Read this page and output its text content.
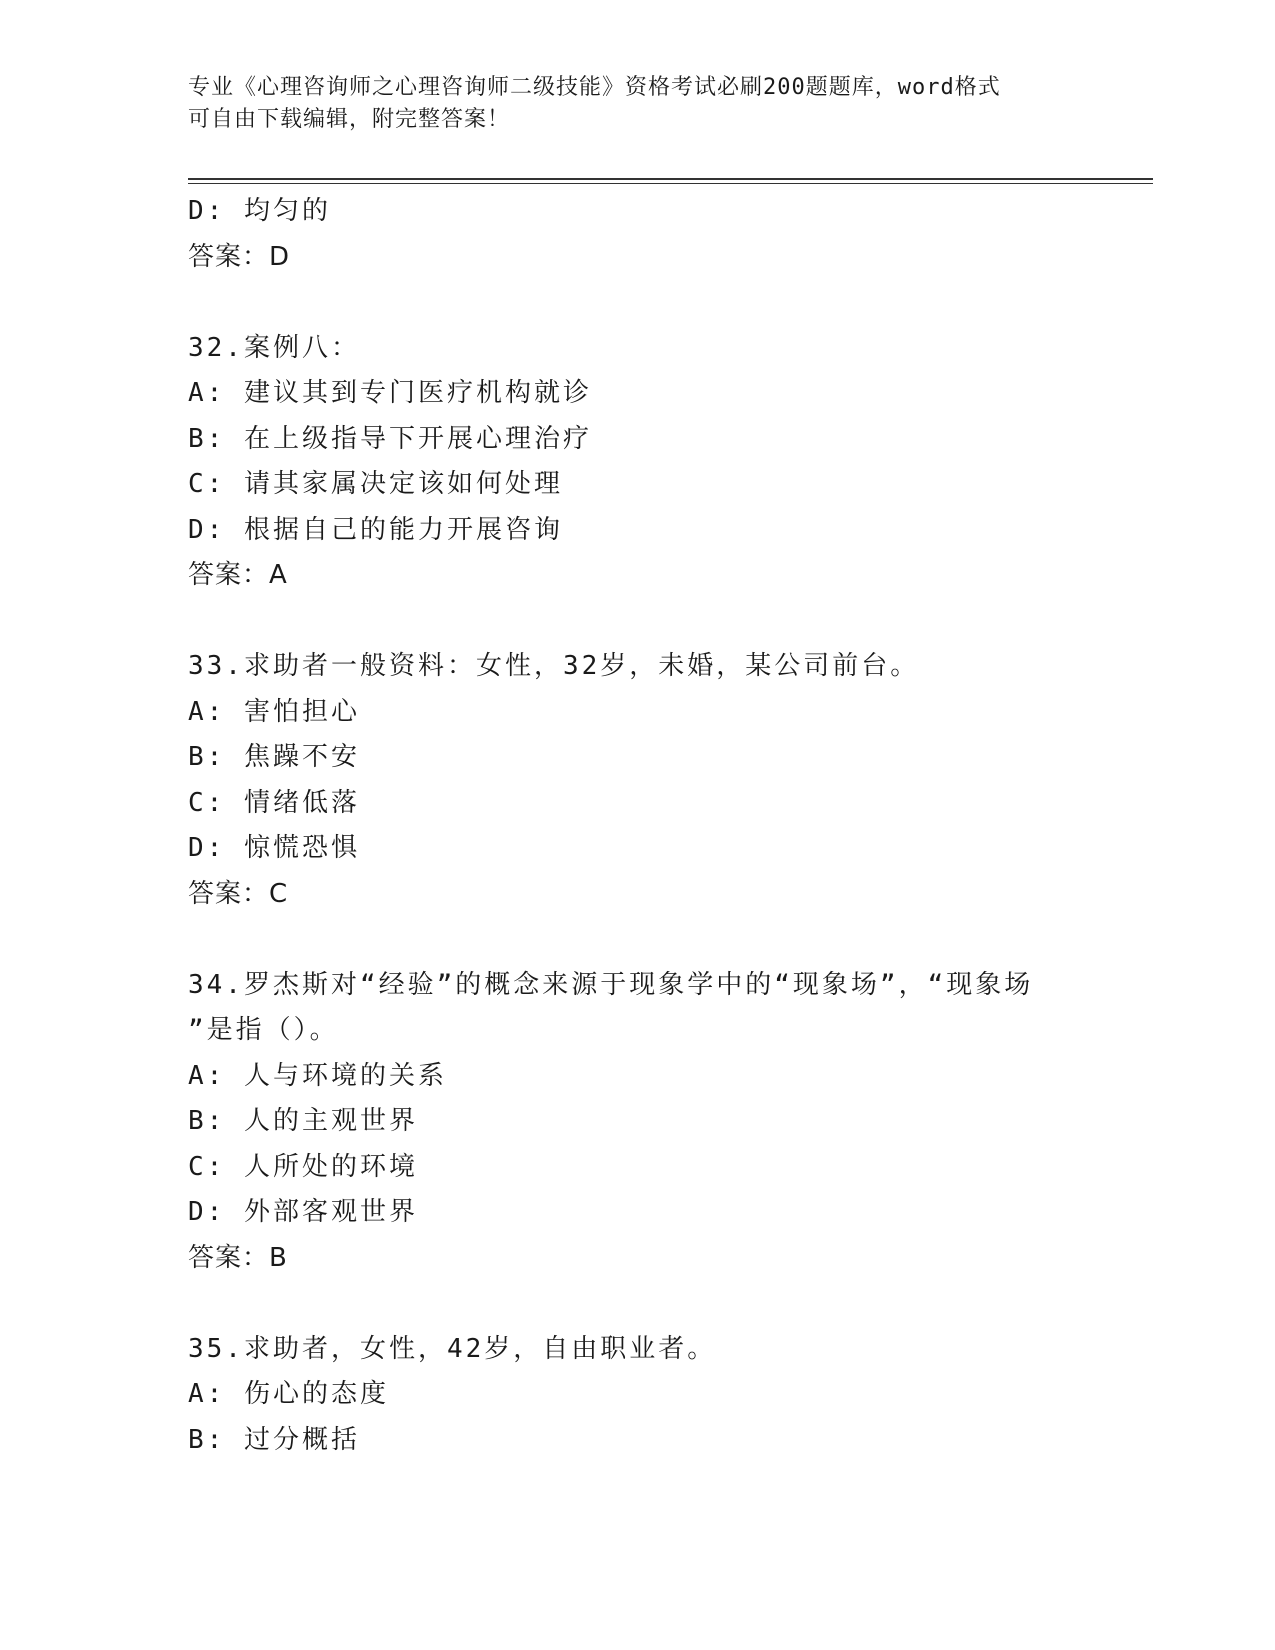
专业《心理咨询师之心理咨询师二级技能》资格考试必刷200题题库，word格式
可自由下载编辑，附完整答案！
D: 均匀的
答案：D
32.案例八：
A: 建议其到专门医疗机构就诊
B: 在上级指导下开展心理治疗
C: 请其家属决定该如何处理
D: 根据自己的能力开展咨询
答案：A
33.求助者一般资料：女性，32岁，未婚，某公司前台。
A: 害怕担心
B: 焦躁不安
C: 情绪低落
D: 惊慌恐惧
答案：C
34.罗杰斯对“经验”的概念来源于现象学中的“现象场”，“现象场
”是指（）。
A: 人与环境的关系
B: 人的主观世界
C: 人所处的环境
D: 外部客观世界
答案：B
35.求助者，女性，42岁，自由职业者。
A: 伤心的态度
B: 过分概括
